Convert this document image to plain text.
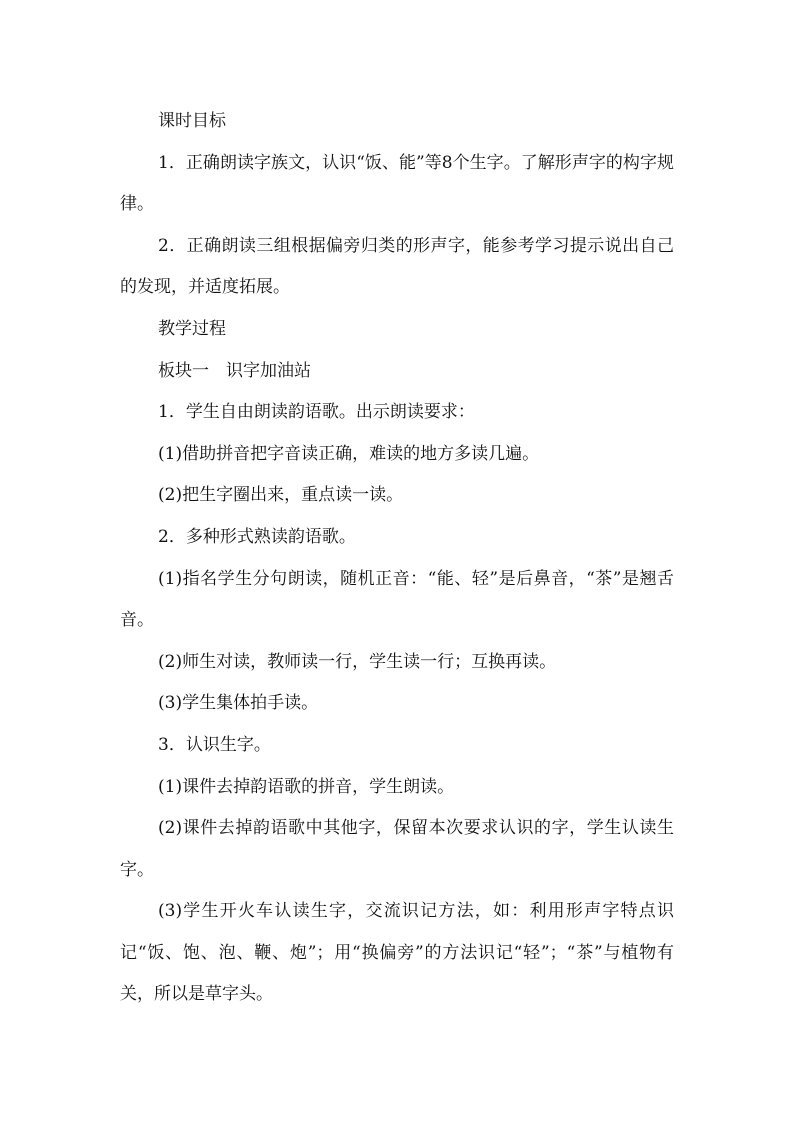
课时目标

1．正确朗读字族文，认识“饭、能”等8个生字。了解形声字的构字规律。

2．正确朗读三组根据偏旁归类的形声字，能参考学习提示说出自己的发现，并适度拓展。

教学过程

板块一　识字加油站

1．学生自由朗读韵语歌。出示朗读要求：

(1)借助拼音把字音读正确，难读的地方多读几遍。

(2)把生字圈出来，重点读一读。

2．多种形式熟读韵语歌。

(1)指名学生分句朗读，随机正音：“能、轻”是后鼻音，“茶”是翘舌音。

(2)师生对读，教师读一行，学生读一行；互换再读。

(3)学生集体拍手读。

3．认识生字。

(1)课件去掉韵语歌的拼音，学生朗读。

(2)课件去掉韵语歌中其他字，保留本次要求认识的字，学生认读生字。

(3)学生开火车认读生字，交流识记方法，如：利用形声字特点识记“饭、饱、泡、鞭、炮”；用“换偏旁”的方法识记“轻”；“茶”与植物有关，所以是草字头。
